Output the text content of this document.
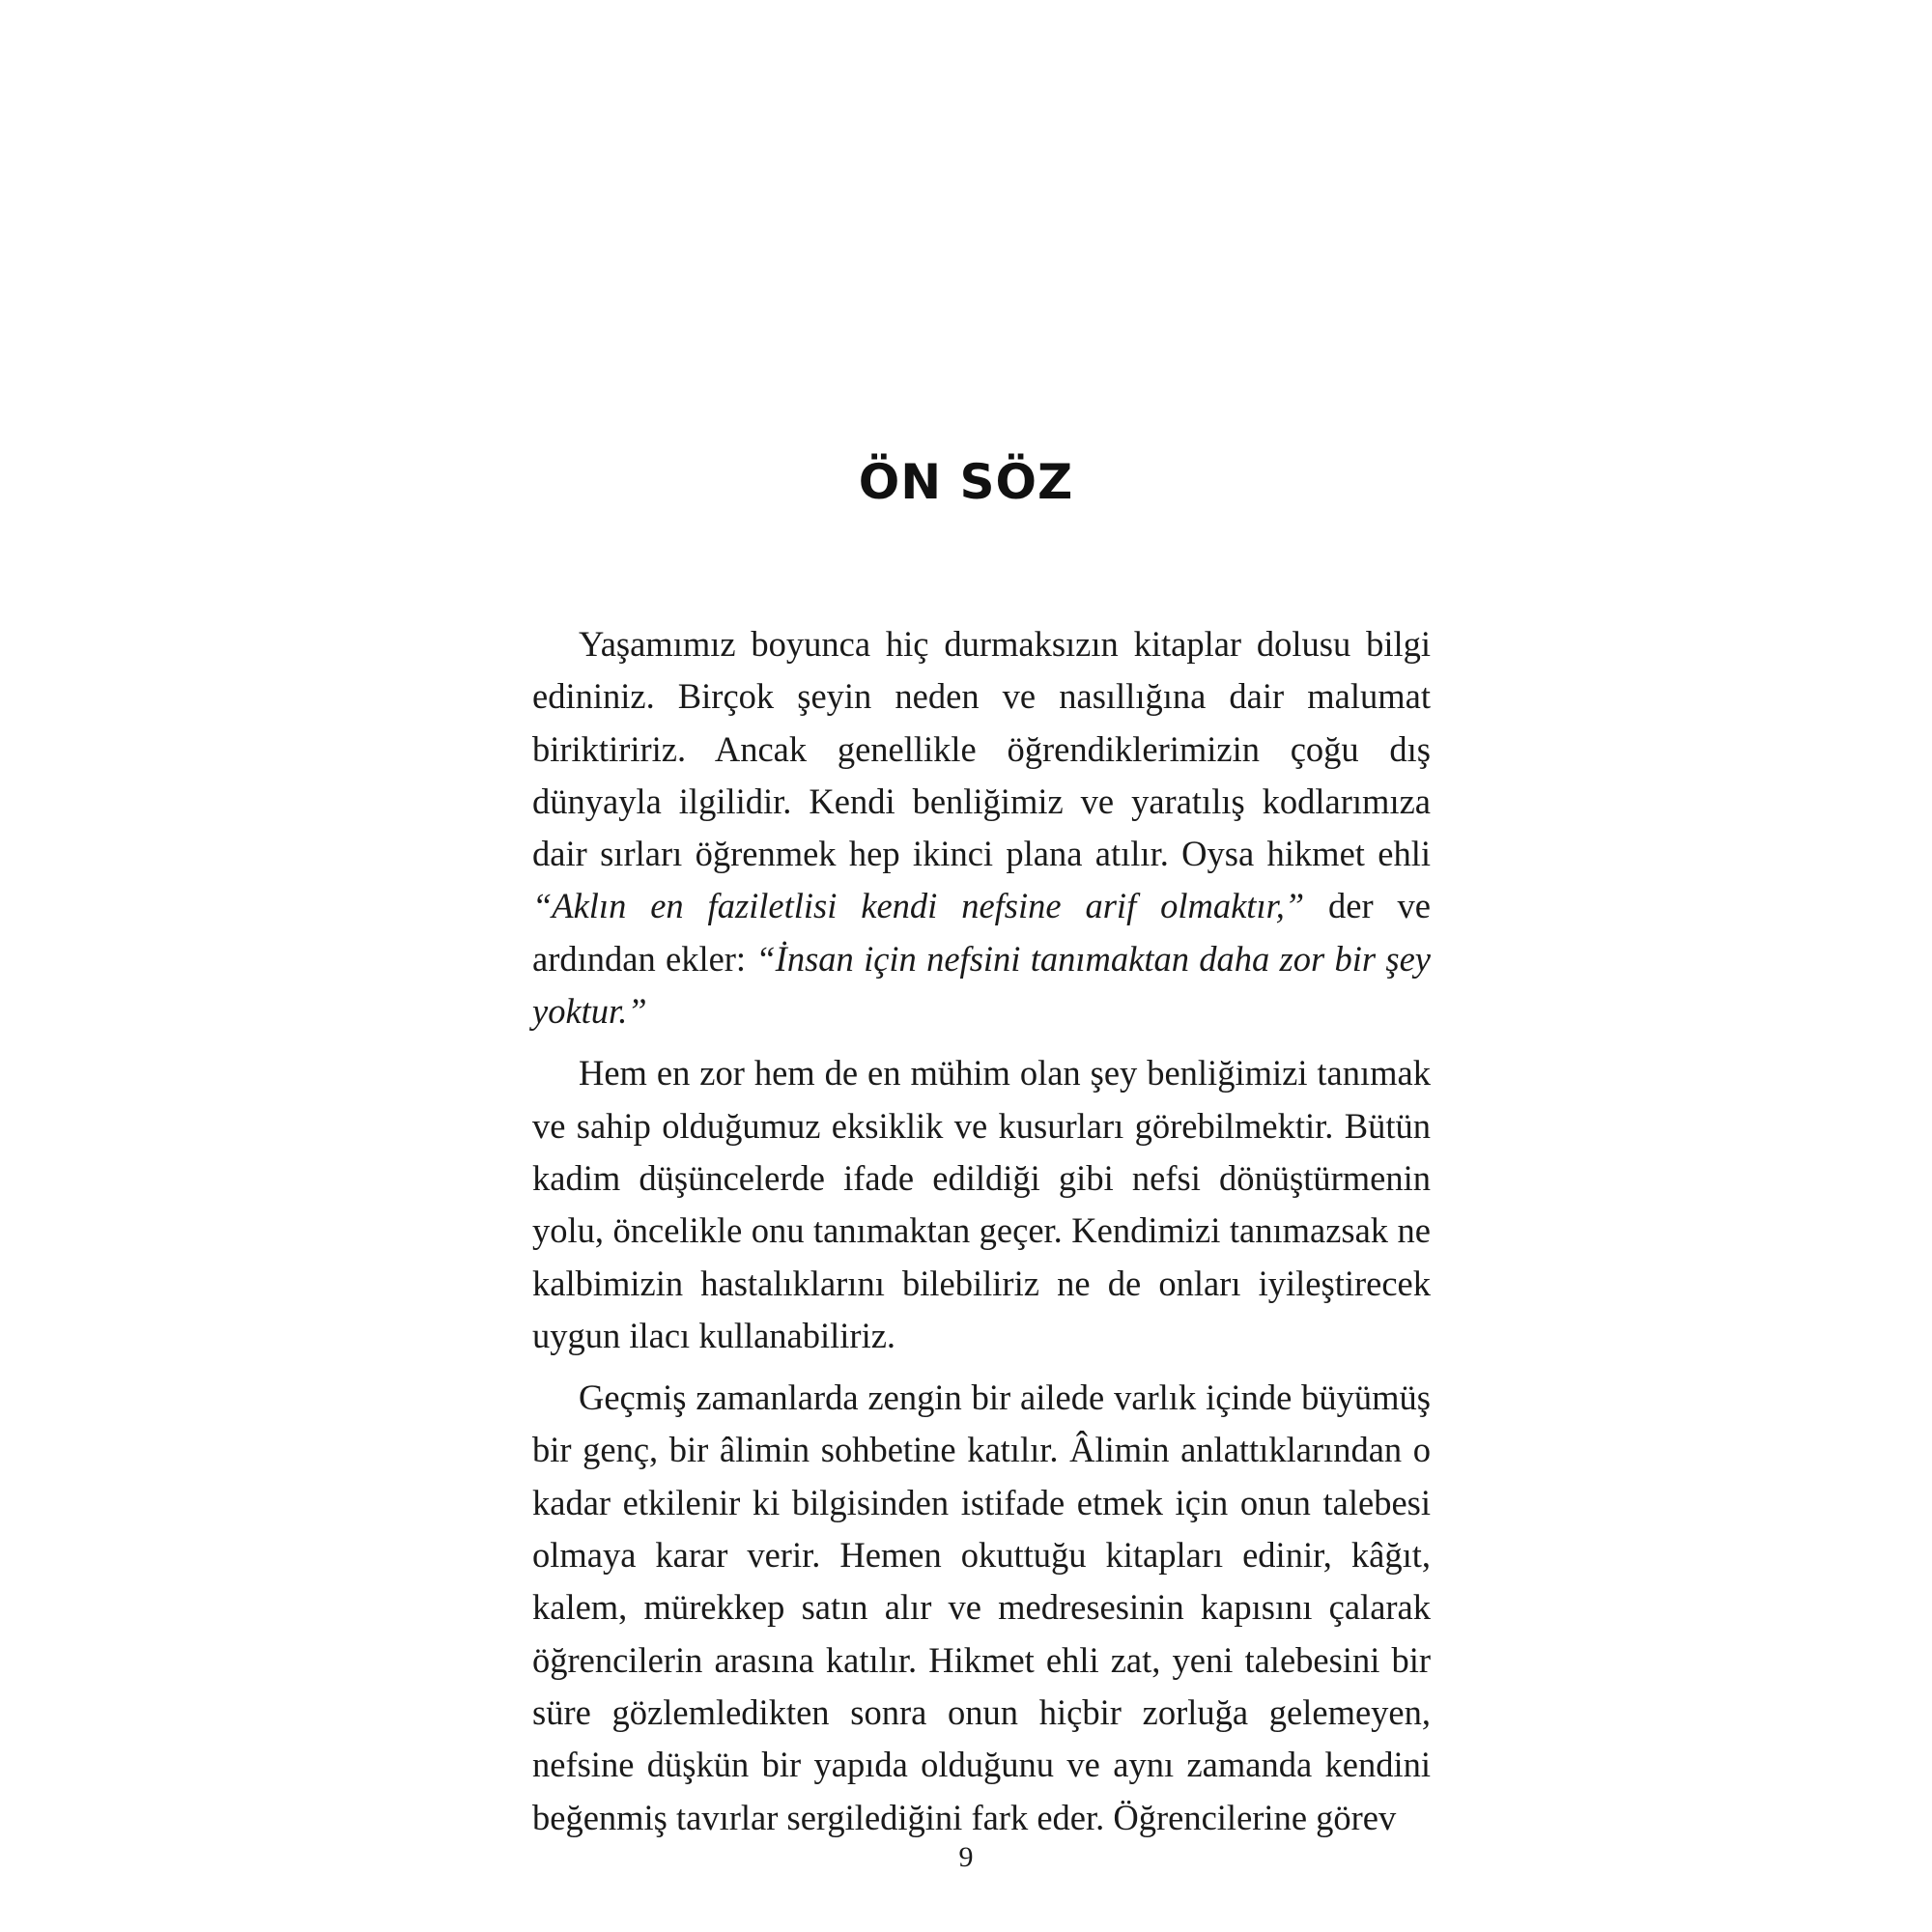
ÖN SÖZ

Yaşamımız boyunca hiç durmaksızın kitaplar dolusu bilgi edininiz. Birçok şeyin neden ve nasıllığına dair malumat biriktiririz. Ancak genellikle öğrendiklerimizin çoğu dış dünyayla ilgilidir. Kendi benliğimiz ve yaratılış kodlarımıza dair sırları öğrenmek hep ikinci plana atılır. Oysa hikmet ehli “Aklın en faziletlisi kendi nefsine arif olmaktır,” der ve ardından ekler: “İnsan için nefsini tanımaktan daha zor bir şey yoktur.”

Hem en zor hem de en mühim olan şey benliğimizi tanımak ve sahip olduğumuz eksiklik ve kusurları görebilmektir. Bütün kadim düşüncelerde ifade edildiği gibi nefsi dönüştürmenin yolu, öncelikle onu tanımaktan geçer. Kendimizi tanımazsak ne kalbimizin hastalıklarını bilebiliriz ne de onları iyileştirecek uygun ilacı kullanabiliriz.

Geçmiş zamanlarda zengin bir ailede varlık içinde büyümüş bir genç, bir âlimin sohbetine katılır. Âlimin anlattıklarından o kadar etkilenir ki bilgisinden istifade etmek için onun talebesi olmaya karar verir. Hemen okuttuğu kitapları edinir, kâğıt, kalem, mürekkep satın alır ve medresesinin kapısını çalarak öğrencilerin arasına katılır. Hikmet ehli zat, yeni talebesini bir süre gözlemledikten sonra onun hiçbir zorluğa gelemeyen, nefsine düşkün bir yapıda olduğunu ve aynı zamanda kendini beğenmiş tavırlar sergilediğini fark eder. Öğrencilerine görev

9
